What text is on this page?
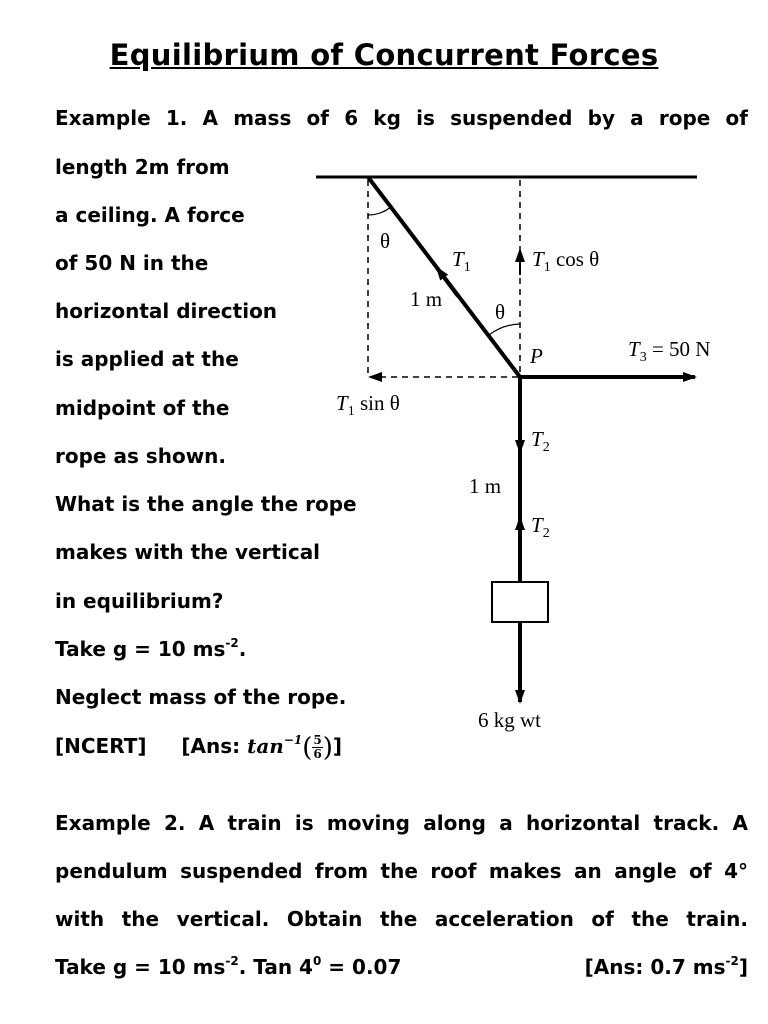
Equilibrium of Concurrent Forces
Example 1. A mass of 6 kg is suspended by a rope of
length 2m from
a ceiling. A force
of 50 N in the
horizontal direction
is applied at the
midpoint of the
rope as shown.
What is the angle the rope
makes with the vertical
in equilibrium?
Take g = 10 $ms^{-2}$.
Neglect mass of the rope.
[NCERT] [Ans: $\tan^{-1}( \frac{5}{6}$ )]
θ
$T_1$	$T_1$ cos θ
1 m
θ
P	$T_3 = 50$ N
$T_1$ sin θ
$T_2$
1 m
$T_2$
6 kg wt
Example 2. A train is moving along a horizontal track. A
pendulum suspended from the roof makes an angle of 4°
with the vertical. Obtain the acceleration of the train.
Take g = 10 $ms^{-2}$. Tan $4^0 = 0.07$	[Ans: 0.7 $ms^{-2}$]
